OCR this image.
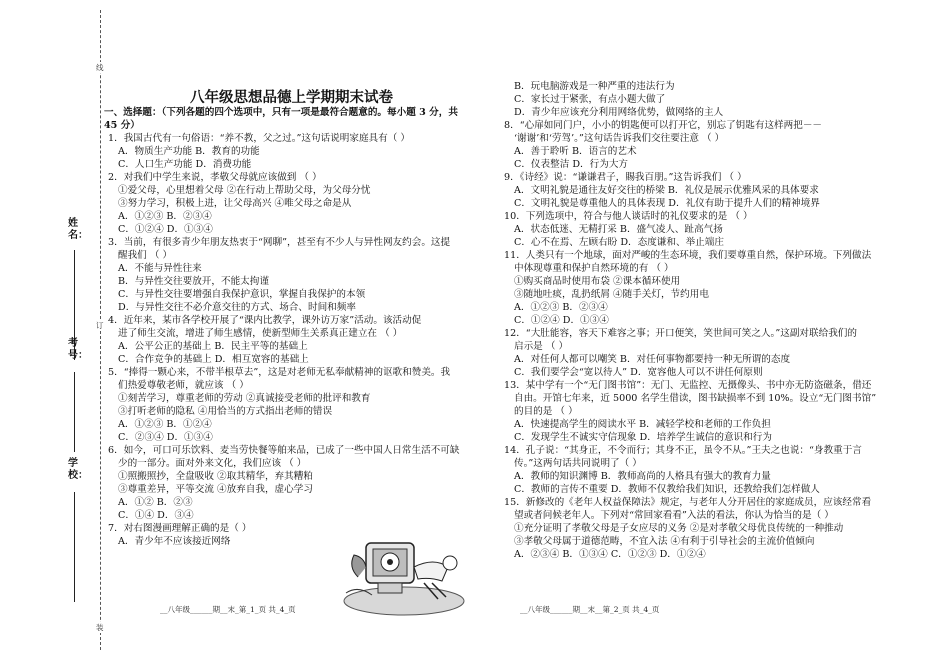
线
订
装
姓名：
考号：
学校：
八年级思想品德上学期期末试卷
一、选择题：（下列各题的四个选项中，只有一项是最符合题意的。每小题 3 分，共
45 分）
1．我国古代有一句俗语：“养不教，父之过。”这句话说明家庭具有（ ）
A．物质生产功能 B．教育的功能
C．人口生产功能 D．消费功能
2．对我们中学生来说，孝敬父母就应该做到 （ ）
①爱父母，心里想着父母 ②在行动上帮助父母，为父母分忧
③努力学习，积极上进，让父母高兴 ④唯父母之命是从
A．①②③ B．②③④
C．①②④ D．①③④
3．当前，有很多青少年朋友热衷于“网聊”，甚至有不少人与异性网友约会。这提
醒我们 （ ）
A．不能与异性往来
B．与异性交往要放开，不能太拘谨
C．与异性交往要增强自我保护意识，掌握自我保护的本领
D．与异性交往不必介意交往的方式、场合、时间和频率
4．近年来，某市各学校开展了“课内比教学，课外访万家”活动。该活动促
进了师生交流，增进了师生感情，使新型师生关系真正建立在 （ ）
A．公平公正的基础上 B．民主平等的基础上
C．合作竞争的基础上 D．相互宽容的基础上
5．“捧得一颗心来，不带半根草去”，这是对老师无私奉献精神的讴歌和赞美。我
们热爱尊敬老师，就应该 （ ）
①刻苦学习，尊重老师的劳动 ②真诚接受老师的批评和教育
③打听老师的隐私 ④用恰当的方式指出老师的错误
A．①②③ B．①②④
C．②③④ D．①③④
6．如今，可口可乐饮料、麦当劳快餐等舶来品，已成了一些中国人日常生活不可缺
少的一部分。面对外来文化，我们应该 （ ）
①照搬照抄，全盘吸收 ②取其精华，弃其糟粕
③尊重差异，平等交流 ④放弃自我，虚心学习
A．①② B．②③
C．①④ D．③④
7．对右图漫画理解正确的是（ ）
A．青少年不应该接近网络
B．玩电脑游戏是一种严重的违法行为
C．家长过于紧张，有点小题大做了
D．青少年应该充分利用网络优势，做网络的主人
8．“心扉如同门户，小小的钥匙便可以打开它，别忘了钥匙有这样两把－－
‘谢谢’和‘劳驾’。”这句话告诉我们交往要注意 （ ）
A．善于聆听 B．语言的艺术
C．仪表整洁 D．行为大方
9．《诗经》说：“谦谦君子，賜我百朋。”这告诉我们 （ ）
A．文明礼貌是通往友好交往的桥梁 B．礼仪是展示优雅风采的具体要求
C．文明礼貌是尊重他人的具体表现 D．礼仪有助于提升人们的精神境界
10．下列选项中，符合与他人谈话时的礼仪要求的是 （ ）
A．状态低迷、无精打采 B．盛气凌人、趾高气扬
C．心不在焉、左顾右盼 D．态度谦和、举止端庄
11．人类只有一个地球，面对严峻的生态环境，我们要尊重自然，保护环境。下列做法
中体现尊重和保护自然环境的有 （ ）
①购买商品时使用布袋 ②课本循环使用
③随地吐痰，乱扔纸屑 ④随手关灯，节约用电
A．①②③ B．②③④
C．①②④ D．①③④
12．“大肚能容，容天下难容之事；开口便笑，笑世间可笑之人。”这副对联给我们的
启示是 （ ）
A．对任何人都可以嘲笑 B．对任何事物都要持一种无所谓的态度
C．我们要学会“宽以待人” D．宽容他人可以不讲任何原则
13．某中学有一个“无门图书馆”：无门、无监控、无摄像头、书中亦无防盗磁条，借还
自由。开馆七年来，近 5000 名学生借读，图书缺损率不到 10%。设立“无门图书馆”
的目的是 （ ）
A．快速提高学生的阅读水平 B．减轻学校和老师的工作负担
C．发现学生不诚实守信现象 D．培养学生诚信的意识和行为
14．孔子说：“其身正，不令而行；其身不正，虽令不从。”王夫之也说：“身教重于言
传。”这两句话共同说明了（ ）
A．教师的知识渊博 B．教师高尚的人格具有强大的教育力量
C．教师的言传不重要 D．教师不仅教给我们知识，还教给我们怎样做人
15．新修改的《老年人权益保障法》规定，与老年人分开居住的家庭成员，应该经常看
望或者问候老年人。下列对“常回家看看”入法的看法，你认为恰当的是（ ）
①充分证明了孝敬父母是子女应尽的义务 ②是对孝敬父母优良传统的一种推动
③孝敬父母属于道德范畴，不宜入法 ④有利于引导社会的主流价值倾向
A．②③④ B．①③④ C．①②③ D．①②④
__八年级______期__末_第_1_页 共_4_页	__八年级______期__末__第_2_页 共_4_页
